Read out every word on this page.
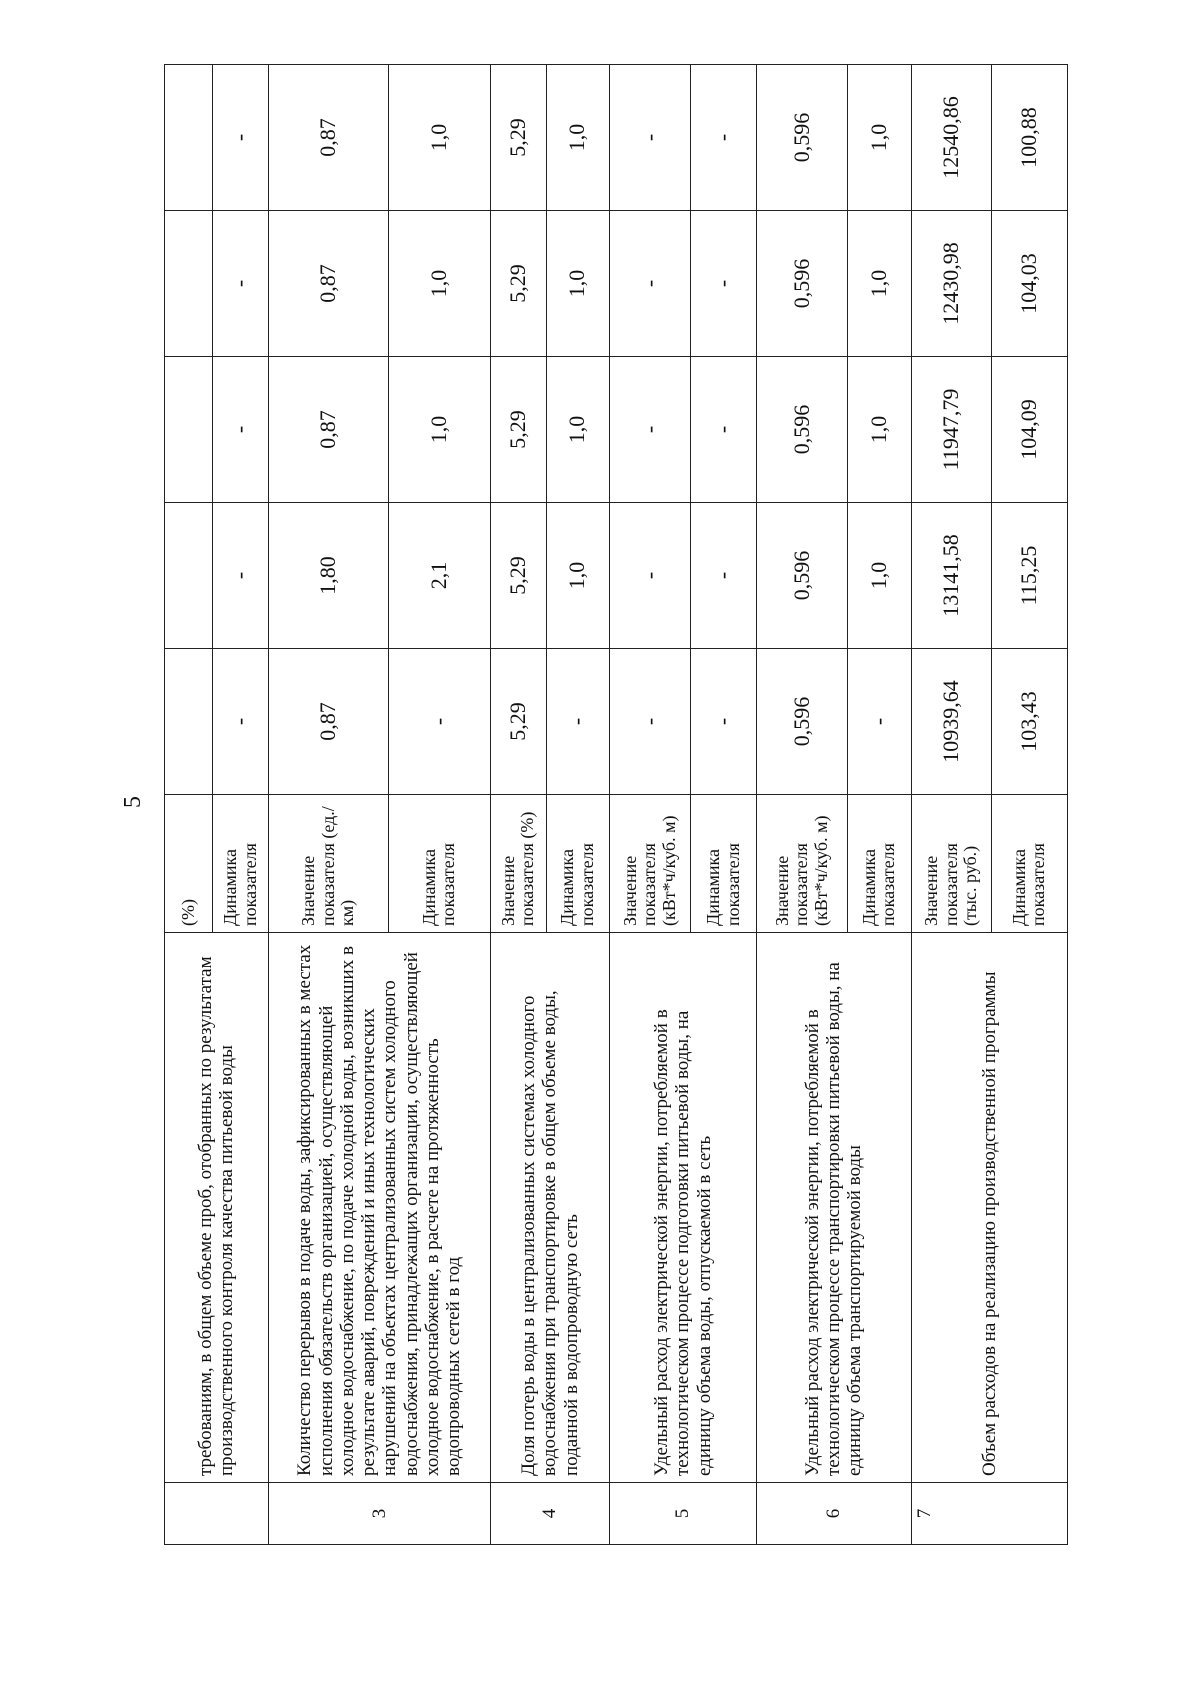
5
	требованиям, в общем объеме проб, отобранных по результатам производственного контроля качества питьевой воды	(%)					
		Динамика показателя	-	-	-	-	-
3	Количество перерывов в подаче воды, зафиксированных в местах исполнения обязательств организацией, осуществляющей холодное водоснабжение, по подаче холодной воды, возникших в результате аварий, повреждений и иных технологических нарушений на объектах централизованных систем холодного водоснабжения, принадлежащих организации, осуществляющей холодное водоснабжение, в расчете на протяженность водопроводных сетей в год	Значение показателя (ед./км)	0,87	1,80	0,87	0,87	0,87
		Динамика показателя	-	2,1	1,0	1,0	1,0
4	Доля потерь воды в централизованных системах холодного водоснабжения при транспортировке в общем объеме воды, поданной в водопроводную сеть	Значение показателя (%)	5,29	5,29	5,29	5,29	5,29
		Динамика показателя	-	1,0	1,0	1,0	1,0
5	Удельный расход электрической энергии, потребляемой в технологическом процессе подготовки питьевой воды, на единицу объема воды, отпускаемой в сеть	Значение показателя (кВт*ч/куб. м)	-	-	-	-	-
		Динамика показателя	-	-	-	-	-
6	Удельный расход электрической энергии, потребляемой в технологическом процессе транспортировки питьевой воды, на единицу объема транспортируемой воды	Значение показателя (кВт*ч/куб. м)	0,596	0,596	0,596	0,596	0,596
		Динамика показателя	-	1,0	1,0	1,0	1,0
7	Объем расходов на реализацию производственной программы	Значение показателя (тыс. руб.)	10939,64	13141,58	11947,79	12430,98	12540,86
		Динамика показателя	103,43	115,25	104,09	104,03	100,88
